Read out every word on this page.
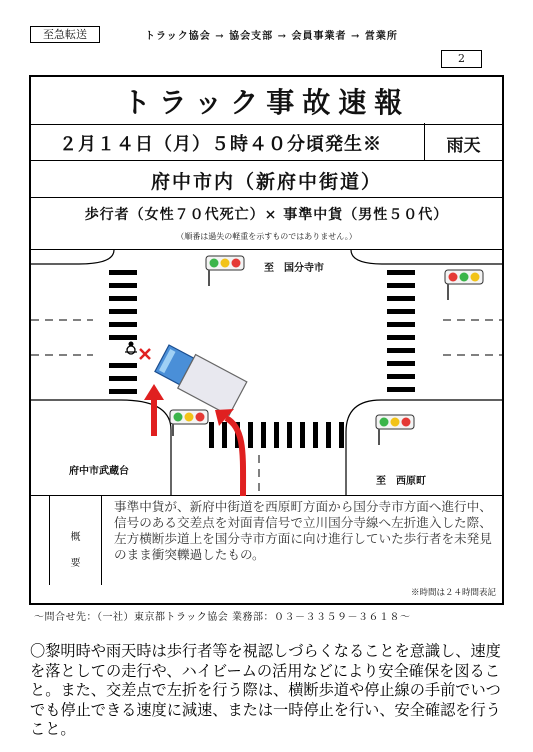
至急転送	トラック協会 → 協会支部 → 会員事業者 → 営業所
2
トラック事故速報
２月１４日（月）５時４０分頃発生※	雨天
府中市内（新府中街道）
歩行者（女性７０代死亡）× 事準中貨（男性５０代）
（順番は過失の軽重を示すものではありません。）
至　国分寺市
至　西原町
府中市武蔵台
概
要
事準中貨が、新府中街道を西原町方面から国分寺市方面へ進行中、信号のある交差点を対面青信号で立川国分寺線へ左折進入した際、左方横断歩道上を国分寺市方面に向け進行していた歩行者を未発見のまま衝突轢過したもの。
※時間は２４時間表記
～問合せ先：（一社）東京都トラック協会 業務部：０３－３３５９－３６１８～
〇黎明時や雨天時は歩行者等を視認しづらくなることを意識し、速度を落としての走行や、ハイビームの活用などにより安全確保を図ること。また、交差点で左折を行う際は、横断歩道や停止線の手前でいつでも停止できる速度に減速、または一時停止を行い、安全確認を行うこと。
